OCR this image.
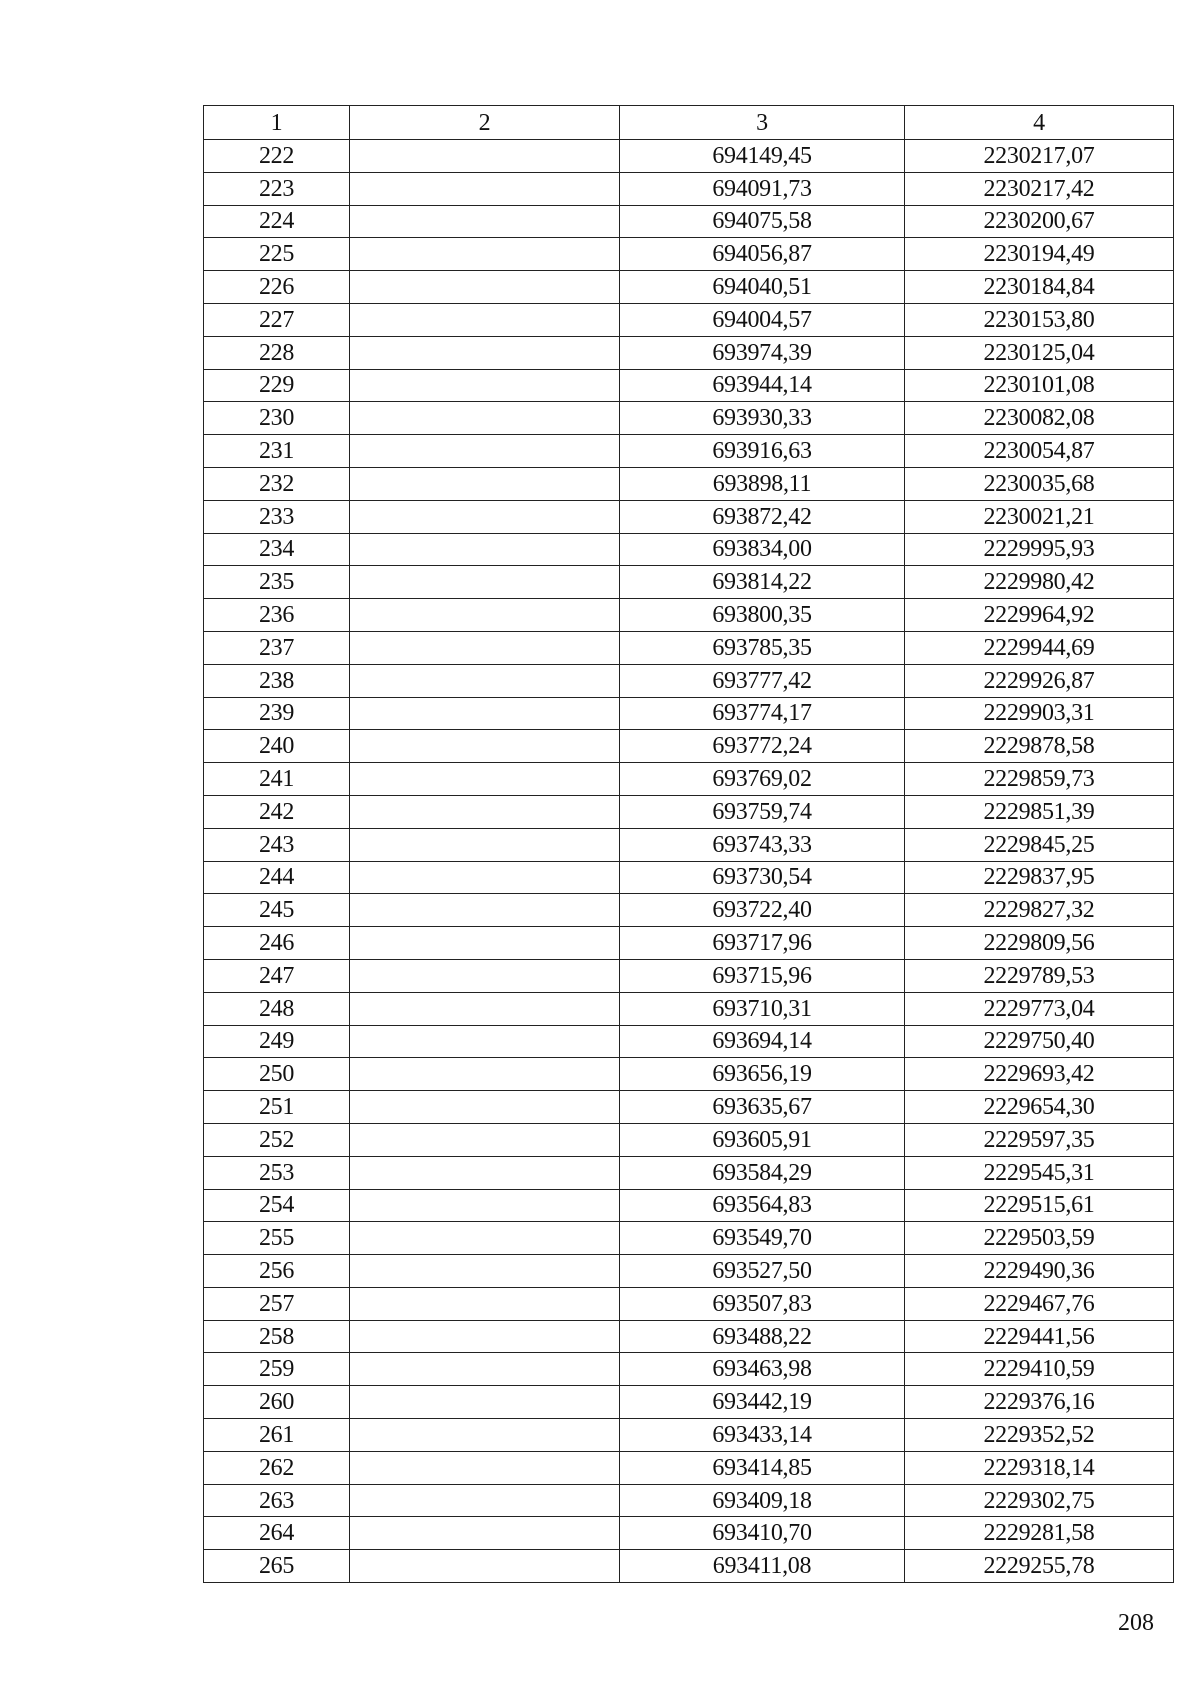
1	2	3	4
222		694149,45	2230217,07
223		694091,73	2230217,42
224		694075,58	2230200,67
225		694056,87	2230194,49
226		694040,51	2230184,84
227		694004,57	2230153,80
228		693974,39	2230125,04
229		693944,14	2230101,08
230		693930,33	2230082,08
231		693916,63	2230054,87
232		693898,11	2230035,68
233		693872,42	2230021,21
234		693834,00	2229995,93
235		693814,22	2229980,42
236		693800,35	2229964,92
237		693785,35	2229944,69
238		693777,42	2229926,87
239		693774,17	2229903,31
240		693772,24	2229878,58
241		693769,02	2229859,73
242		693759,74	2229851,39
243		693743,33	2229845,25
244		693730,54	2229837,95
245		693722,40	2229827,32
246		693717,96	2229809,56
247		693715,96	2229789,53
248		693710,31	2229773,04
249		693694,14	2229750,40
250		693656,19	2229693,42
251		693635,67	2229654,30
252		693605,91	2229597,35
253		693584,29	2229545,31
254		693564,83	2229515,61
255		693549,70	2229503,59
256		693527,50	2229490,36
257		693507,83	2229467,76
258		693488,22	2229441,56
259		693463,98	2229410,59
260		693442,19	2229376,16
261		693433,14	2229352,52
262		693414,85	2229318,14
263		693409,18	2229302,75
264		693410,70	2229281,58
265		693411,08	2229255,78
208
